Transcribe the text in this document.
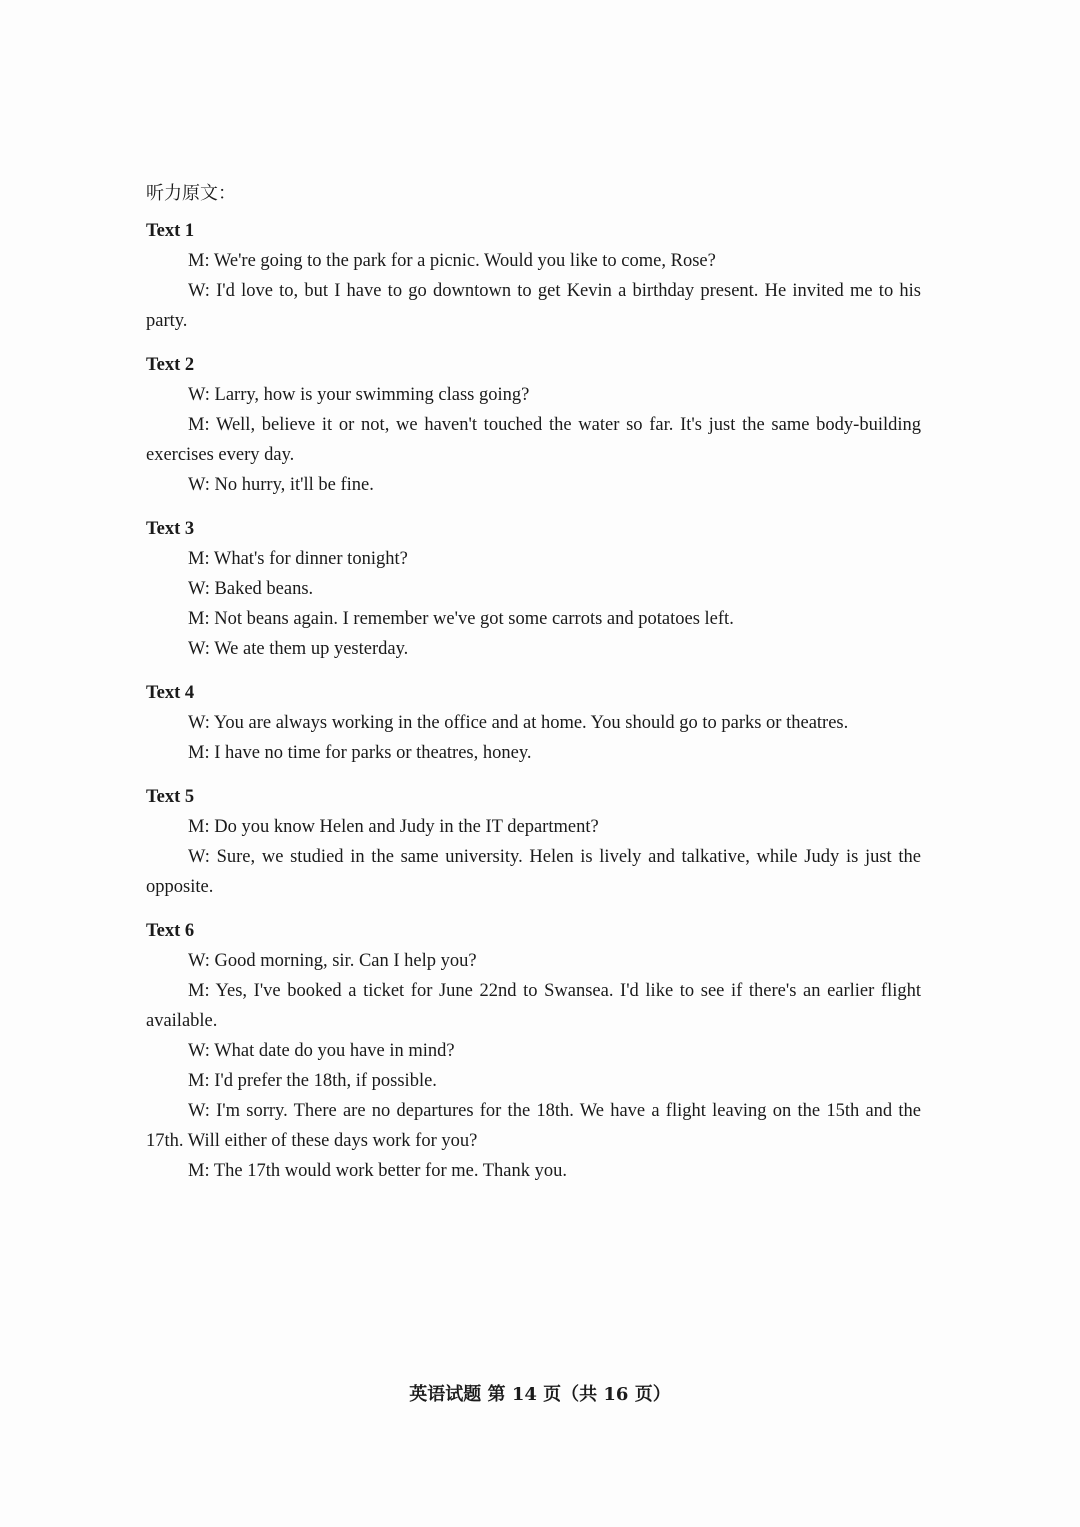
听力原文：
Text 1

M: We're going to the park for a picnic. Would you like to come, Rose?

W: I'd love to, but I have to go downtown to get Kevin a birthday present. He invited me to his party.

Text 2

W: Larry, how is your swimming class going?

M: Well, believe it or not, we haven't touched the water so far. It's just the same body-building exercises every day.

W: No hurry, it'll be fine.

Text 3

M: What's for dinner tonight?

W: Baked beans.

M: Not beans again. I remember we've got some carrots and potatoes left.

W: We ate them up yesterday.

Text 4

W: You are always working in the office and at home. You should go to parks or theatres.

M: I have no time for parks or theatres, honey.

Text 5

M: Do you know Helen and Judy in the IT department?

W: Sure, we studied in the same university. Helen is lively and talkative, while Judy is just the opposite.

Text 6

W: Good morning, sir. Can I help you?

M: Yes, I've booked a ticket for June 22nd to Swansea. I'd like to see if there's an earlier flight available.

W: What date do you have in mind?

M: I'd prefer the 18th, if possible.

W: I'm sorry. There are no departures for the 18th. We have a flight leaving on the 15th and the 17th. Will either of these days work for you?

M: The 17th would work better for me. Thank you.

英语试题 第 14 页（共 16 页）
